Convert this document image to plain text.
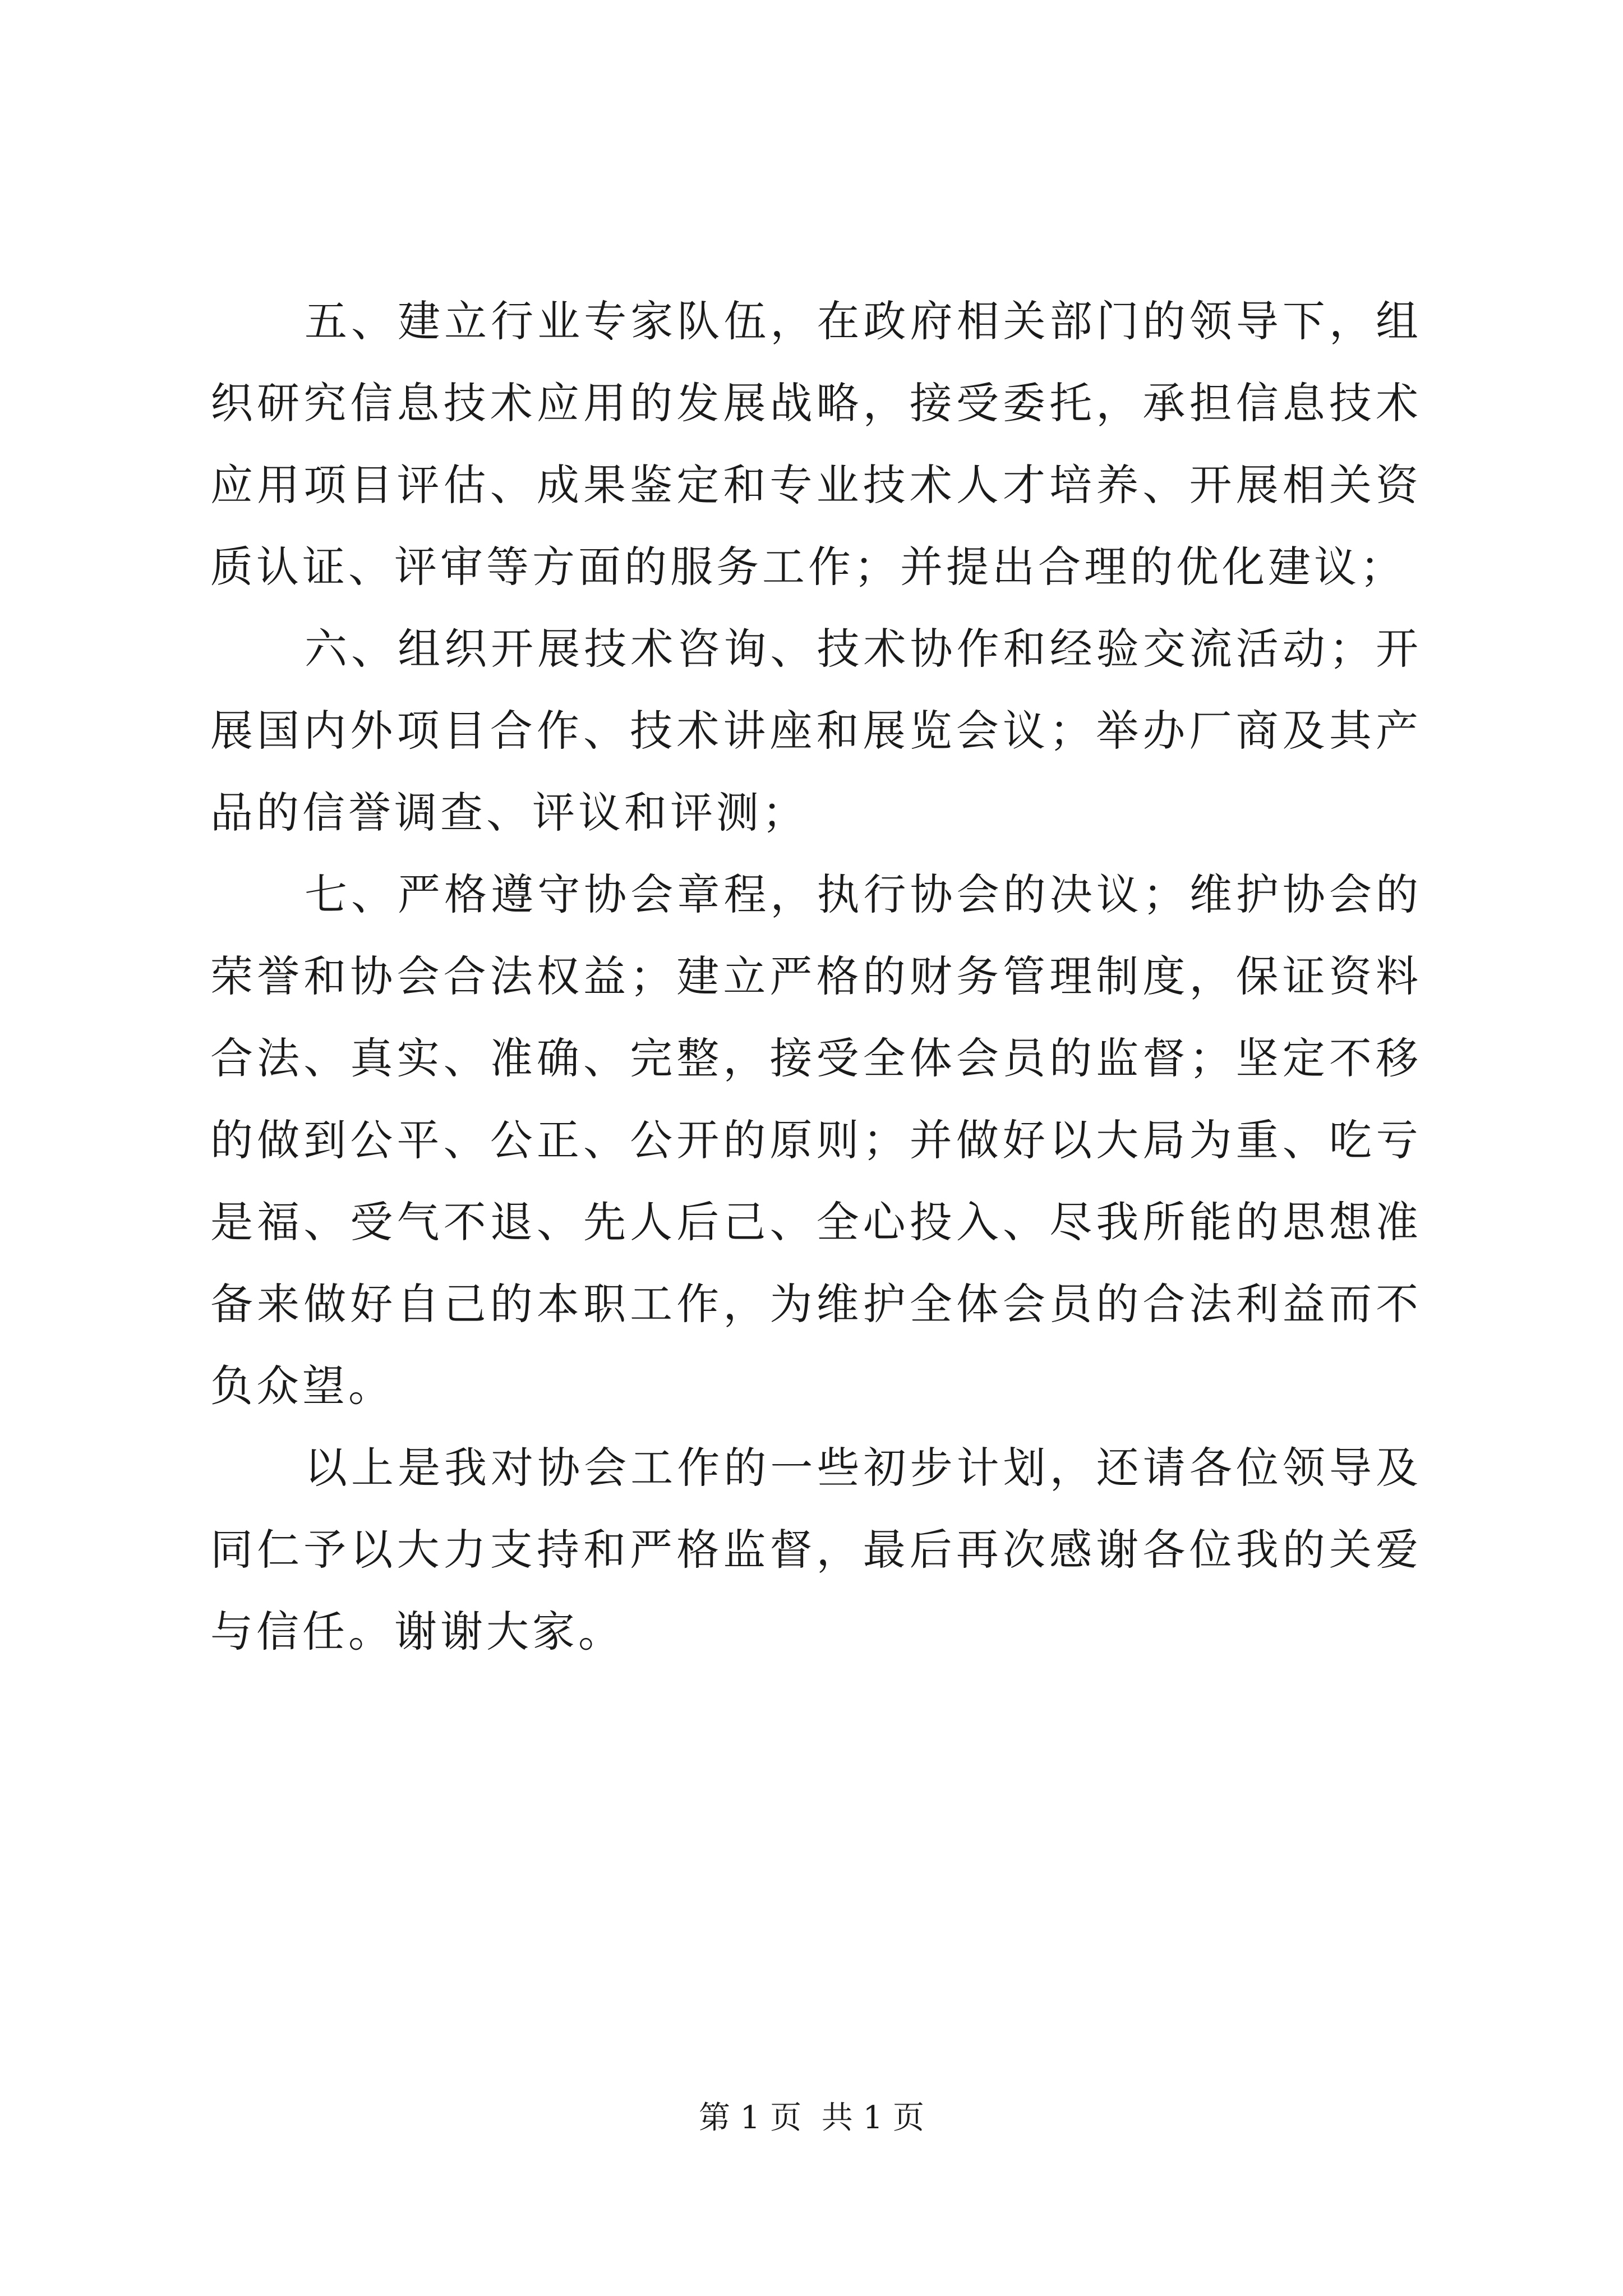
五、建立行业专家队伍，在政府相关部门的领导下，组织研究信息技术应用的发展战略，接受委托，承担信息技术应用项目评估、成果鉴定和专业技术人才培养、开展相关资质认证、评审等方面的服务工作；并提出合理的优化建议；

六、组织开展技术咨询、技术协作和经验交流活动；开展国内外项目合作、技术讲座和展览会议；举办厂商及其产品的信誉调查、评议和评测；

七、严格遵守协会章程，执行协会的决议；维护协会的荣誉和协会合法权益；建立严格的财务管理制度，保证资料合法、真实、准确、完整，接受全体会员的监督；坚定不移的做到公平、公正、公开的原则；并做好以大局为重、吃亏是福、受气不退、先人后己、全心投入、尽我所能的思想准备来做好自己的本职工作，为维护全体会员的合法利益而不负众望。

以上是我对协会工作的一些初步计划，还请各位领导及同仁予以大力支持和严格监督，最后再次感谢各位我的关爱与信任。谢谢大家。

第 1 页  共 1 页
